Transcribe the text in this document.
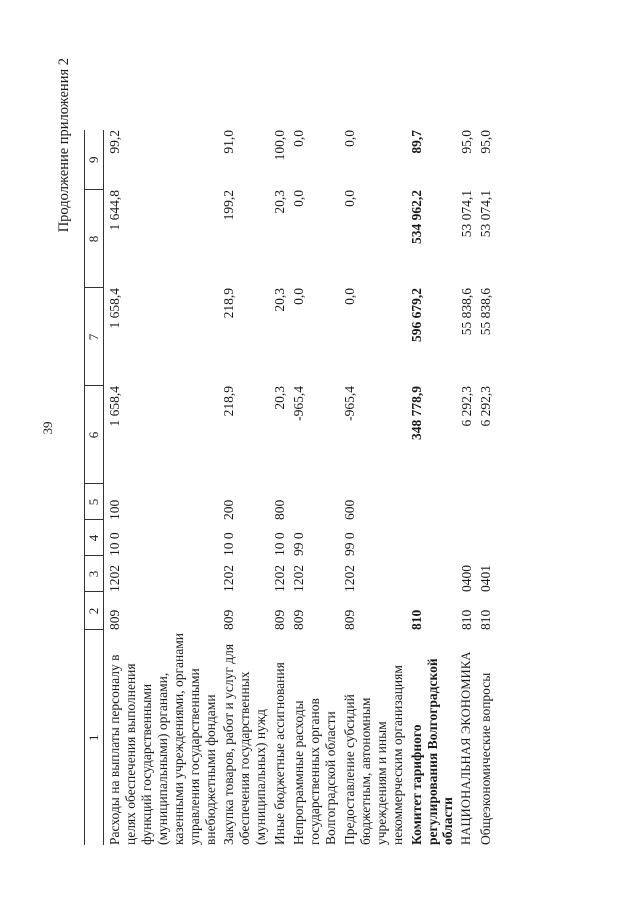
39
Продолжение приложения 2
1	2	3	4	5	6	7	8	9
Расходы на выплаты персоналу в целях обеспечения выполнения функций государственными (муниципальными) органами, казенными учреждениями, органами управления государственными внебюджетными фондами	809	1202	10 0	100	1 658,4	1 658,4	1 644,8	99,2
Закупка товаров, работ и услуг для обеспечения государственных (муниципальных) нужд	809	1202	10 0	200	218,9	218,9	199,2	91,0
Иные бюджетные ассигнования	809	1202	10 0	800	20,3	20,3	20,3	100,0
Непрограммные расходы государственных органов Волгоградской области	809	1202	99 0		-965,4	0,0	0,0	0,0
Предоставление субсидий бюджетным, автономным учреждениям и иным некоммерческим организациям	809	1202	99 0	600	-965,4	0,0	0,0	0,0
Комитет тарифного регулирования Волгоградской области	810				348 778,9	596 679,2	534 962,2	89,7
НАЦИОНАЛЬНАЯ ЭКОНОМИКА	810	0400			6 292,3	55 838,6	53 074,1	95,0
Общеэкономические вопросы	810	0401			6 292,3	55 838,6	53 074,1	95,0
